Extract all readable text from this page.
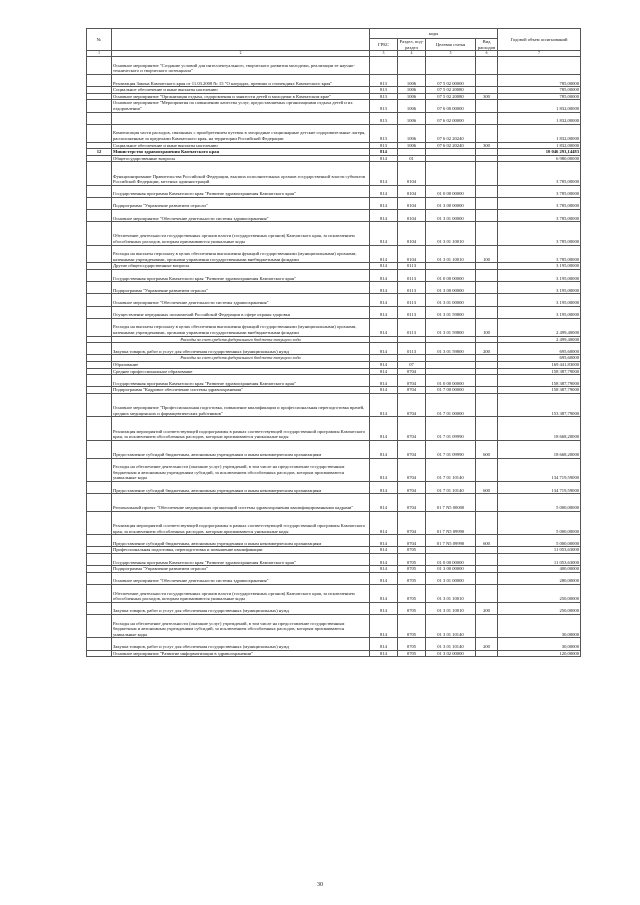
№		коды				Годовой объем ассигнований
		ГРБС	Раздел, под-раздел	Целевая статья	Вид расходов	
1	2	3	4	5	6	7
	Основное мероприятие "Создание условий для интеллектуального, творческого развития молодежи, реализации ее научно-технического и творческого потенциала"					
	Реализация Закона Камчатского края от 11.03.2008 № 15 "О наградах, премиях и стипендиях Камчатского края"	813	1006	07 5 02 00000		785,00000
	Социальное обеспечение и иные выплаты населению	813	1006	07 5 02 20080		785,00000
	Основное мероприятие "Организация отдыха, оздоровления и занятости детей и молодежи в Камчатском крае"	813	1006	07 5 02 20080	300	785,00000
	Основное мероприятие "Мероприятия по повышению качества услуг, предоставляемых организациями отдыха детей и их оздоровления"	813	1006	07 6 00 00000		1 832,00000
		813	1006	07 6 02 00000		1 832,00000
	Компенсация части расходов, связанных с приобретением путевок в загородные стационарные детские оздоровительные лагеря, расположенные за пределами Камчатского края, на территории Российской Федерации	813	1006	07 6 02 20240		1 832,00000
	Социальное обеспечение и иные выплаты населению	813	1006	07 6 02 20240	300	1 832,00000
12	Министерство здравоохранения Камчатского края	814				10 046 293,14483
	Общегосударственные вопросы	814	01			6 980,00000
	Функционирование Правительства Российской Федерации, высших исполнительных органов государственной власти субъектов Российской Федерации, местных администраций	814	0104			3 785,00000
	Государственная программа Камчатского края "Развитие здравоохранения Камчатского края"	814	0104	01 0 00 00000		3 785,00000
	Подпрограмма "Управление развитием отрасли"	814	0104	01 3 00 00000		3 785,00000
	Основное мероприятие "Обеспечение деятельности системы здравоохранения"	814	0104	01 3 01 00000		3 785,00000
	Обеспечение деятельности государственных органов власти (государственных органов) Камчатского края, за исключением обособленных расходов, которым присваиваются уникальные коды	814	0104	01 3 01 10010		3 785,00000
	Расходы на выплаты персоналу в целях обеспечения выполнения функций государственными (муниципальными) органами, казенными учреждениями, органами управления государственными внебюджетными фондами	814	0104	01 3 01 10010	100	3 785,00000
	Другие общегосударственные вопросы	814	0113			3 195,00000
	Государственная программа Камчатского края "Развитие здравоохранения Камчатского края"	814	0113	01 0 00 00000		3 195,00000
	Подпрограмма "Управление развитием отрасли"	814	0113	01 3 00 00000		3 195,00000
	Основное мероприятие "Обеспечение деятельности системы здравоохранения"	814	0113	01 3 01 00000		3 195,00000
	Осуществление переданных полномочий Российской Федерации в сфере охраны здоровья	814	0113	01 3 01 59800		3 195,00000
	Расходы на выплаты персоналу в целях обеспечения выполнения функций государственными (муниципальными) органами, казенными учреждениями, органами управления государственными внебюджетными фондами	814	0113	01 3 01 59800	100	2 499,40000
	Расходы за счет средств федерального бюджета текущего года					2 499,40000
	Закупка товаров, работ и услуг для обеспечения государственных (муниципальных) нужд	814	0113	01 3 01 59800	200	695,60000
	Расходы за счет средств федерального бюджета текущего года					695,60000
	Образование	814	07			169 441,83000
	Среднее профессиональное образование	814	0704			158 387,79000
	Государственная программа Камчатского края "Развитие здравоохранения Камчатского края"	814	0704	01 0 00 00000		158 387,79000
	Подпрограмма "Кадровое обеспечение системы здравоохранения"	814	0704	01 7 00 00000		158 387,79000
	Основное мероприятие "Профессиональная подготовка, повышение квалификации и профессиональная переподготовка врачей, средних медицинских и фармацевтических работников"	814	0704	01 7 01 00000		153 387,79000
	Реализация мероприятий соответствующей подпрограммы в рамках соответствующей государственной программы Камчатского края, за исключением обособленных расходов, которым присваиваются уникальные коды	814	0704	01 7 01 09990		18 668,20000
	Предоставление субсидий бюджетным, автономным учреждениям и иным некоммерческим организациям	814	0704	01 7 01 09990	600	18 668,20000
	Расходы на обеспечение деятельности (оказание услуг) учреждений, в том числе на предоставление государственным бюджетным и автономным учреждениям субсидий, за исключением обособленных расходов, которым присваиваются уникальные коды	814	0704	01 7 01 10140		134 719,59000
	Предоставление субсидий бюджетным, автономным учреждениям и иным некоммерческим организациям	814	0704	01 7 01 10140	600	134 719,59000
	Региональный проект "Обеспечение медицинских организаций системы здравоохранения квалифицированными кадрами"	814	0704	01 7 N5 00000		5 000,00000
	Реализация мероприятий соответствующей подпрограммы в рамках соответствующей государственной программы Камчатского края, за исключением обособленных расходов, которым присваиваются уникальные коды	814	0704	01 7 N5 09990		5 000,00000
	Предоставление субсидий бюджетным, автономным учреждениям и иным некоммерческим организациям	814	0704	01 7 N5 09990	600	5 000,00000
	Профессиональная подготовка, переподготовка и повышение квалификации	814	0705			11 053,63000
	Государственная программа Камчатского края "Развитие здравоохранения Камчатского края"	814	0705	01 0 00 00000		11 053,63000
	Подпрограмма "Управление развитием отрасли"	814	0705	01 3 00 00000		400,00000
	Основное мероприятие "Обеспечение деятельности системы здравоохранения"	814	0705	01 3 01 00000		280,00000
	Обеспечение деятельности государственных органов власти (государственных органов) Камчатского края, за исключением обособленных расходов, которым присваиваются уникальные коды	814	0705	01 3 01 10010		250,00000
	Закупка товаров, работ и услуг для обеспечения государственных (муниципальных) нужд	814	0705	01 3 01 10010	200	250,00000
	Расходы на обеспечение деятельности (оказание услуг) учреждений, в том числе на предоставление государственным бюджетным и автономным учреждениям субсидий, за исключением обособленных расходов, которым присваиваются уникальные коды	814	0705	01 3 01 10140		30,00000
	Закупка товаров, работ и услуг для обеспечения государственных (муниципальных) нужд	814	0705	01 3 01 10140	200	30,00000
	Основное мероприятие "Развитие информатизации в здравоохранении"	814	0705	01 3 02 00000		120,00000
30
